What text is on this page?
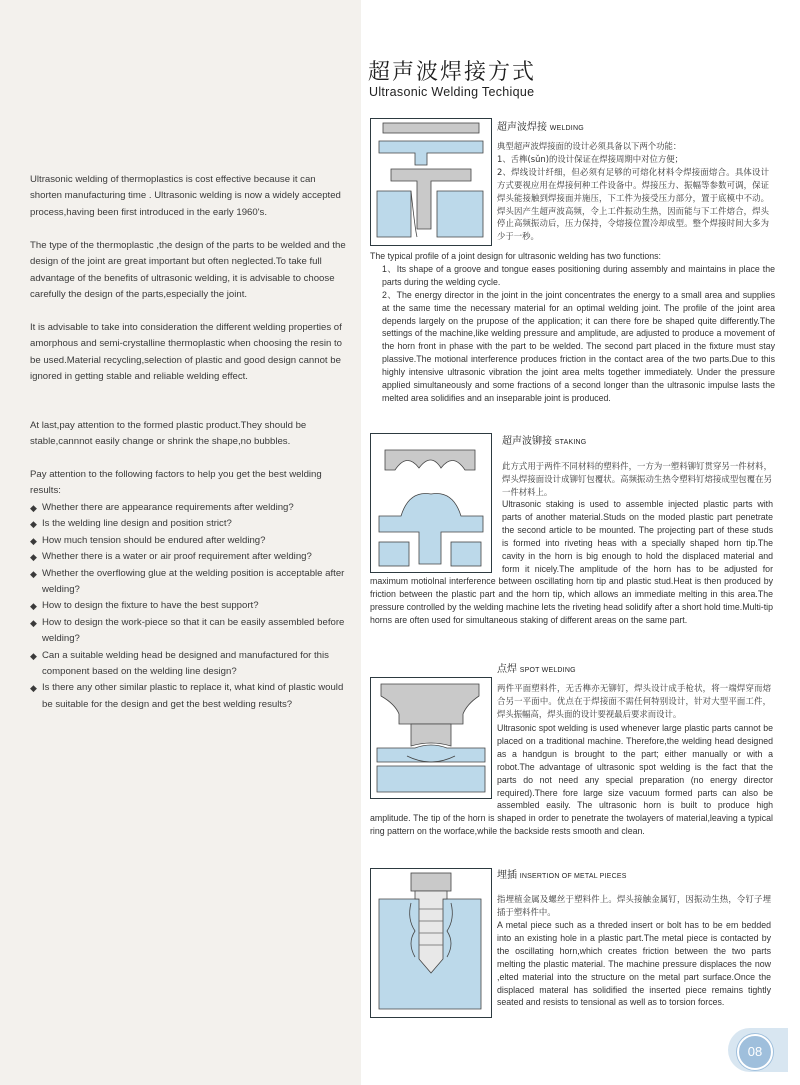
Ultrasonic welding of thermoplastics is cost effective because it can shorten manufacturing time . Ultrasonic welding is now a widely accepted process,having been first introduced in the early 1960's.

The type of the thermoplastic ,the design of the parts to be welded and the design of the joint are great important but often neglected.To take full advantage of the benefits of ultrasonic welding, it is advisable to choose carefully the design of the parts,especially the joint.

It is advisable to take into consideration the different welding properties of amorphous and semi-crystalline thermoplastic when choosing the resin to be used.Material recycling,selection of plastic and good design cannot be ignored in getting stable and reliable welding effect.

At last,pay attention to the formed plastic product.They should be stable,cannnot easily change or shrink the shape,no bubbles.

Pay attention to the following factors to help you get the best welding results:

◆ Whether there are appearance requirements after welding?
◆ Is the welding line design and position strict?
◆ How much tension should be endured after welding?
◆ Whether there is a water or air proof requirement after welding?
◆ Whether the overflowing glue at the welding position is acceptable after welding?
◆ How to design the fixture to have the best support?
◆ How to design the work-piece so that it can be easily assembled before welding?
◆ Can a suitable welding head be designed and manufactured for this component based on the welding line design?
◆ Is there any other similar plastic to replace it, what kind of plastic would be suitable for the design and get the best welding results?
超声波焊接方式
Ultrasonic Welding Techique
超声波焊接 WELDING
典型超声波焊接面的设计必须具备以下两个功能：
1、舌榫(sǔn)的设计保证在焊接周期中对位方便；
2、焊线设计纤细，但必须有足够的可熔化材料令焊接面熔合。具体设计方式要视应用在焊接何种工件设备中。焊接压力、振幅等参数可调，保证焊头能接触到焊接面并施压，下工件为接受压力部分，置于底模中不动。焊头因产生超声波高频，令上工件振动生热，因而能与下工件熔合，焊头停止高频振动后，压力保持，令熔接位置冷却成型。整个焊接时间大多为少于一秒。
The typical profile of a joint design for ultrasonic welding has two functions:
1、Its shape of a groove and tongue eases positioning during assembly and maintains in place the parts during the welding cycle.
2、The energy director in the joint in the joint concentrates the energy to a small area and supplies at the same time the necessary material for an optimal welding joint. The profile of the joint area depends largely on the prupose of the application; it can there fore be shaped quite differently.The settings of the machine,like welding pressure and amplitude, are adjusted to produce a movement of the horn front in phase with the part to be welded. The second part placed in the fixture must stay plassive.The motional interference produces friction in the contact area of the two parts.Due to this highly intensive ultrasonic vibration the joint area melts together immediately. Under the pressure applied simultaneously and some fractions of a second longer than the ultrasonic impulse lasts the melted area solidifies and an inseparable joint is produced.
超声波铆接 STAKING
此方式用于两件不同材料的塑料件，一方为一塑料铆钉贯穿另一件材料，焊头焊接面设计成铆钉包覆状。高频振动生热令塑料钉熔接成型包覆在另一件材料上。
Ultrasonic staking is used to assemble injected plastic parts with parts of another material.Studs on the moded plastic part penetrate the second article to be mounted. The projecting part of these studs is formed into riveting heas with a specially shaped horn tip.The cavity in the horn is big enough to hold the displaced material and form it nicely.The amplitude of the horn has to be adjusted for maximum motiolnal interference between oscillating horn tip and plastic stud.Heat is then produced by friction between the plastic part and the horn tip, which allows an immediate melting in this area.The pressure controlled by the welding machine lets the riveting head solidify after a short hold time.Multi-tip horns are often used for simultaneous staking of different areas on the same part.
点焊 SPOT WELDING
两件平面塑料件，无舌榫亦无铆钉，焊头设计成手枪状，将一端焊穿而熔合另一平面中。优点在于焊接面不需任何特别设计，针对大型平面工件，焊头振幅高，焊头面的设计要视最后要求而设计。
Ultrasonic spot welding is used whenever large plastic parts cannot be placed on a traditional machine. Therefore,the welding head designed as a handgun is brought to the part; either manually or with a robot.The advantage of ultrasonic spot welding is the fact that the parts do not need any special preparation (no energy director required).There fore large size vacuum formed parts can also be assembled easily. The ultrasonic horn is built to produce high amplitude. The tip of the horn is shaped in order to penetrate the twolayers of material,leaving a typical ring pattern on the worface,while the backside rests smooth and clean.
埋插 INSERTION OF METAL PIECES
指埋植金属及螺丝于塑料件上。焊头接触金属钉，因振动生热，令钉子埋插于塑料件中。
A metal piece such as a threded insert or bolt has to be em bedded into an existing hole in a plastic part.The metal piece is contacted by the oscillating horn,which creates friction between the two parts melting the plastic material. The machine pressure displaces the now ,elted material into the structure on the metal part surface.Once the displaced materal has solidified the inserted piece remains tightly seated and resists to tensional as well as to torsion forces.
08
